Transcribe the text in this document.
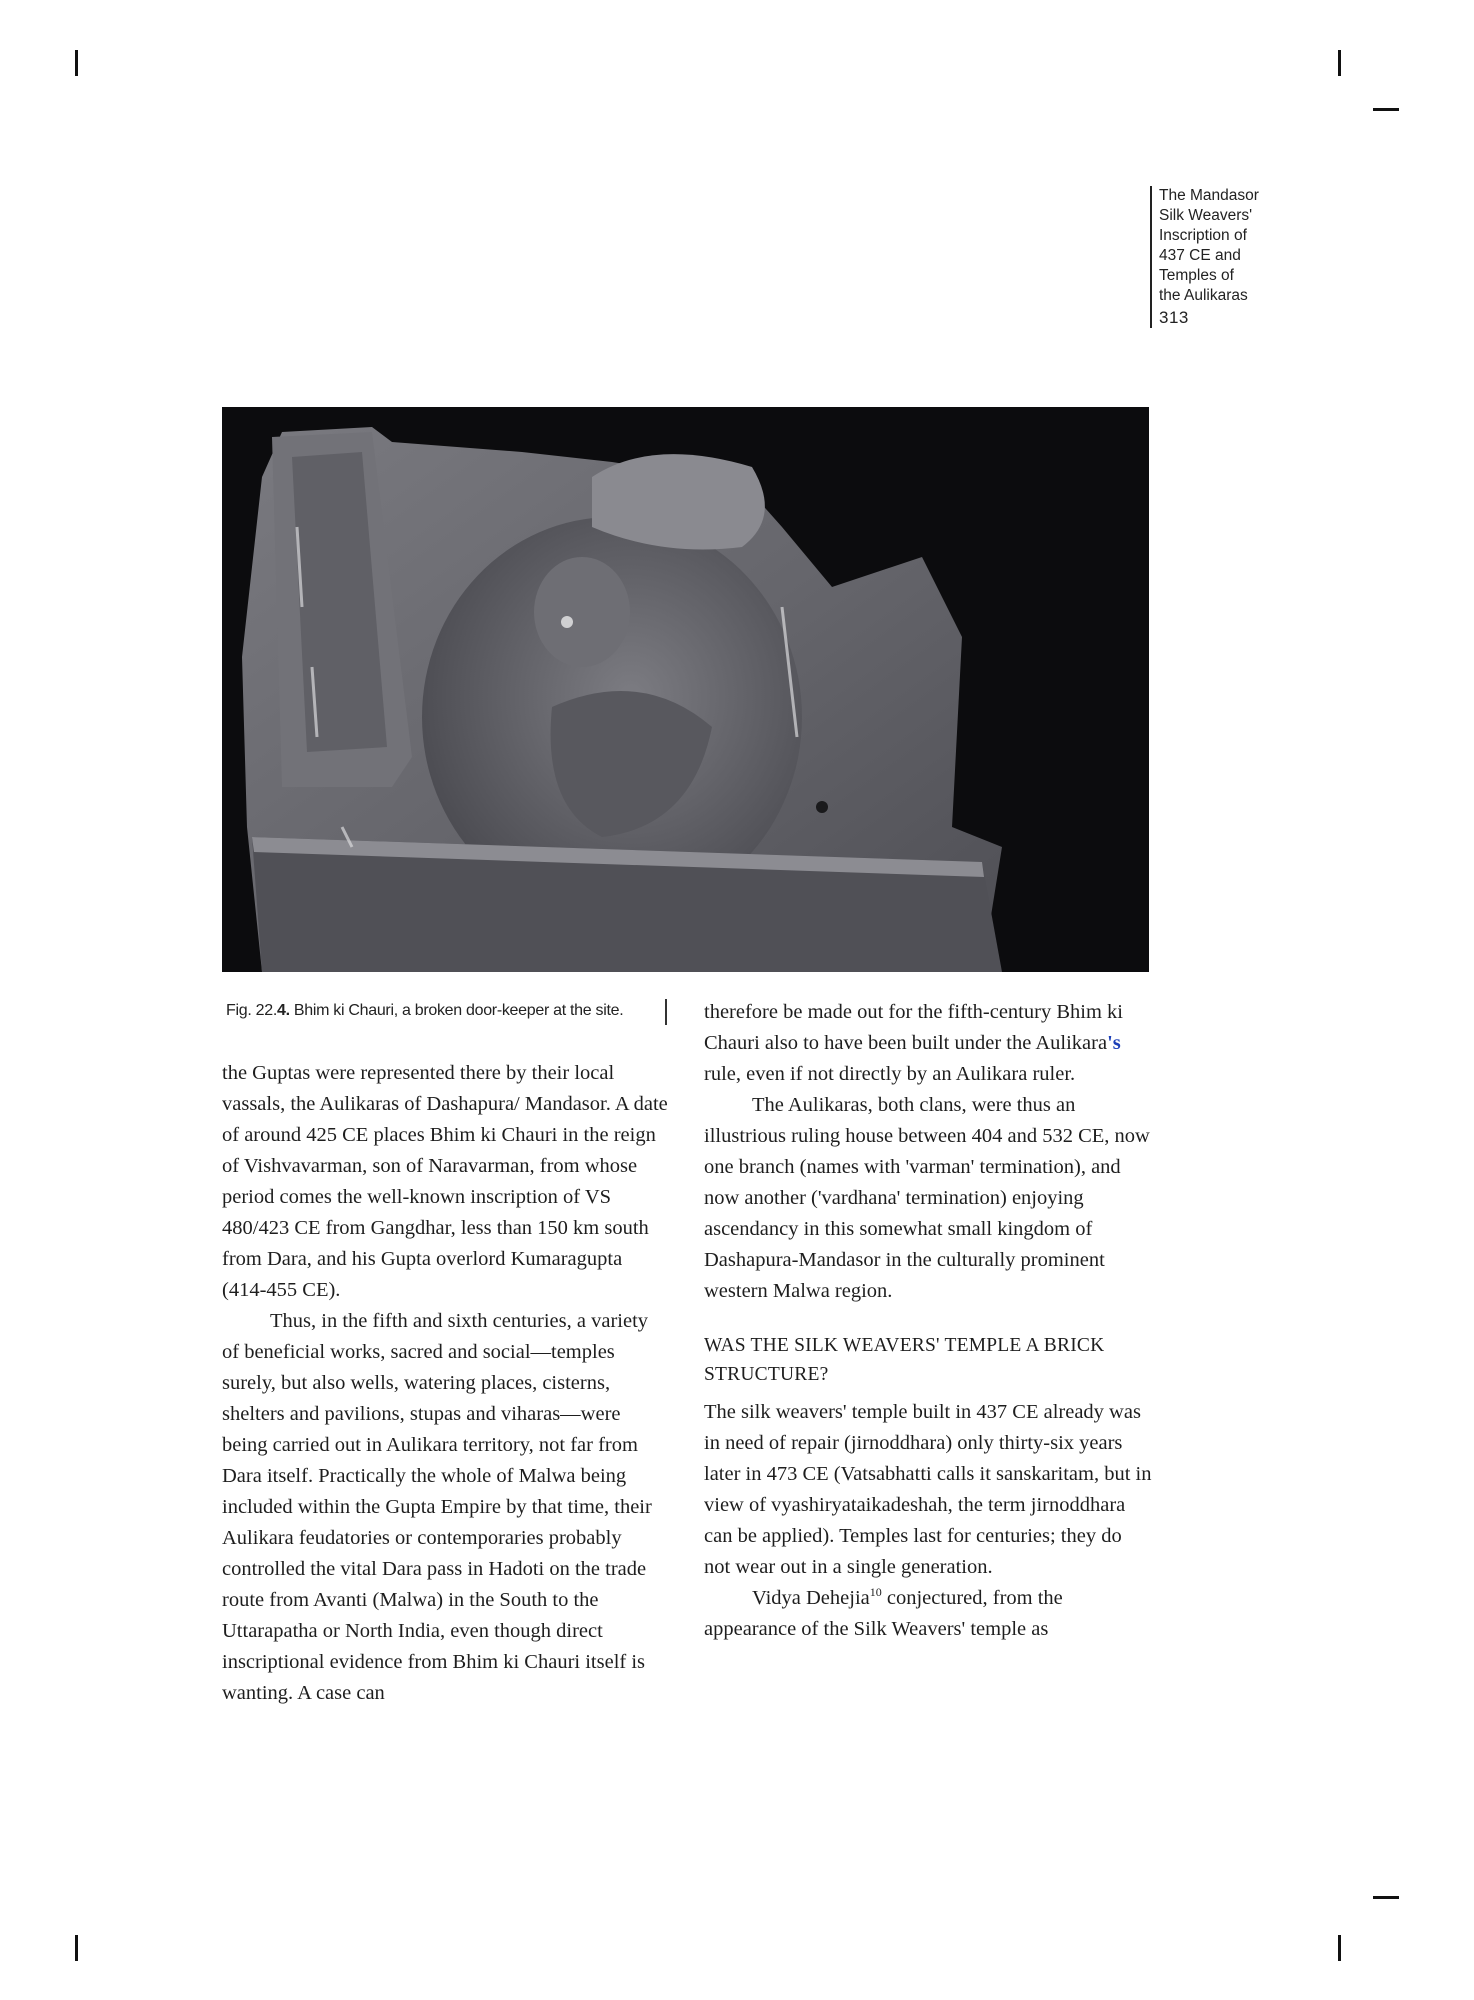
The Mandasor
Silk Weavers'
Inscription of
437 CE and
Temples of
the Aulikaras
313
Fig. 22.4. Bhim ki Chauri, a broken door-keeper at the site.

the Guptas were represented there by their local vassals, the Aulikaras of Dashapura/ Mandasor. A date of around 425 CE places Bhim ki Chauri in the reign of Vishvavarman, son of Naravarman, from whose period comes the well-known inscription of VS 480/423 CE from Gangdhar, less than 150 km south from Dara, and his Gupta overlord Kumaragupta (414-455 CE).

Thus, in the fifth and sixth centuries, a variety of beneficial works, sacred and social—temples surely, but also wells, watering places, cisterns, shelters and pavilions, stupas and viharas—were being carried out in Aulikara territory, not far from Dara itself. Practically the whole of Malwa being included within the Gupta Empire by that time, their Aulikara feudatories or contemporaries probably controlled the vital Dara pass in Hadoti on the trade route from Avanti (Malwa) in the South to the Uttarapatha or North India, even though direct inscriptional evidence from Bhim ki Chauri itself is wanting. A case can

therefore be made out for the fifth-century Bhim ki Chauri also to have been built under the Aulikara's rule, even if not directly by an Aulikara ruler.

The Aulikaras, both clans, were thus an illustrious ruling house between 404 and 532 CE, now one branch (names with 'varman' termination), and now another ('vardhana' termination) enjoying ascendancy in this somewhat small kingdom of Dashapura-Mandasor in the culturally prominent western Malwa region.

WAS THE SILK WEAVERS' TEMPLE A BRICK STRUCTURE?

The silk weavers' temple built in 437 CE already was in need of repair (jirnoddhara) only thirty-six years later in 473 CE (Vatsabhatti calls it sanskaritam, but in view of vyashiryataikadeshah, the term jirnoddhara can be applied). Temples last for centuries; they do not wear out in a single generation.

Vidya Dehejia$^{10}$ conjectured, from the appearance of the Silk Weavers' temple as
